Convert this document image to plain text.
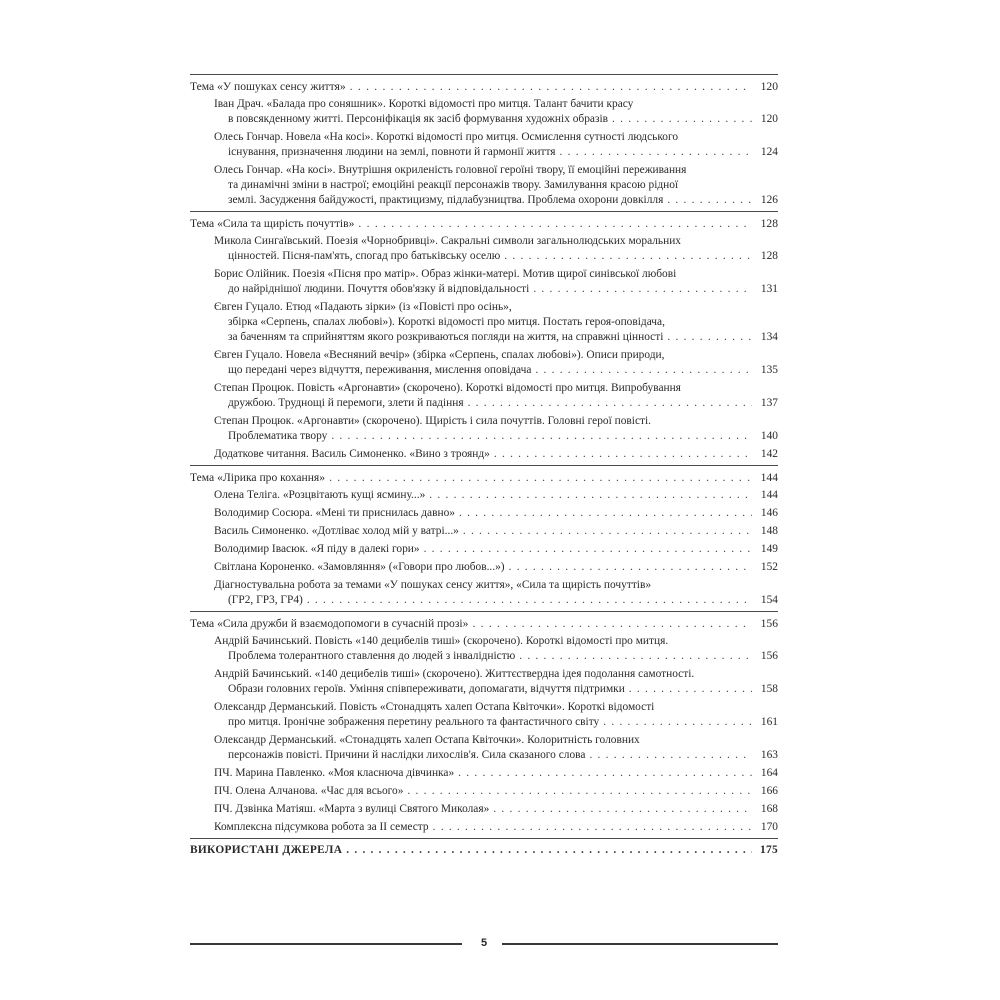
Тема «У пошуках сенсу життя» . . .	120
Іван Драч. «Балада про соняшник». Короткі відомості про митця. Талант бачити красу
в повсякденному житті. Персоніфікація як засіб формування художніх образів . . .	120
Олесь Гончар. Новела «На косі». Короткі відомості про митця. Осмислення сутності людського
існування, призначення людини на землі, повноти й гармонії життя . . .	124
Олесь Гончар. «На косі». Внутрішня окриленість головної героїні твору, її емоційні переживання
та динамічні зміни в настрої; емоційні реакції персонажів твору. Замилування красою рідної
землі. Засудження байдужості, практицизму, підлабузництва. Проблема охорони довкілля . . .	126
Тема «Сила та щирість почуттів» . . .	128
Микола Сингаївський. Поезія «Чорнобривці». Сакральні символи загальнолюдських моральних
цінностей. Пісня-пам'ять, спогад про батьківську оселю . . .	128
Борис Олійник. Поезія «Пісня про матір». Образ жінки-матері. Мотив щирої синівської любові
до найріднішої людини. Почуття обов'язку й відповідальності . . .	131
Євген Гуцало. Етюд «Падають зірки» (із «Повісті про осінь»,
збірка «Серпень, спалах любові»). Короткі відомості про митця. Постать героя-оповідача,
за баченням та сприйняттям якого розкриваються погляди на життя, на справжні цінності . . .	134
Євген Гуцало. Новела «Весняний вечір» (збірка «Серпень, спалах любові»). Описи природи,
що передані через відчуття, переживання, мислення оповідача . . .	135
Степан Процюк. Повість «Аргонавти» (скорочено). Короткі відомості про митця. Випробування
дружбою. Труднощі й перемоги, злети й падіння . . .	137
Степан Процюк. «Аргонавти» (скорочено). Щирість і сила почуттів. Головні герої повісті.
Проблематика твору . . .	140
Додаткове читання. Василь Симоненко. «Вино з троянд» . . .	142
Тема «Лірика про кохання» . . .	144
Олена Теліга. «Розцвітають кущі ясмину...» . . .	144
Володимир Сосюра. «Мені ти приснилась давно» . . .	146
Василь Симоненко. «Дотліває холод мій у ватрі...» . . .	148
Володимир Івасюк. «Я піду в далекі гори» . . .	149
Світлана Короненко. «Замовляння» («Говори про любов...») . . .	152
Діагностувальна робота за темами «У пошуках сенсу життя», «Сила та щирість почуттів»
(ГР2, ГР3, ГР4) . . .	154
Тема «Сила дружби й взаємодопомоги в сучасній прозі» . . .	156
Андрій Бачинський. Повість «140 децибелів тиші» (скорочено). Короткі відомості про митця.
Проблема толерантного ставлення до людей з інвалідністю . . .	156
Андрій Бачинський. «140 децибелів тиші» (скорочено). Життєствердна ідея подолання самотності.
Образи головних героїв. Уміння співпереживати, допомагати, відчуття підтримки . . .	158
Олександр Дерманський. Повість «Стонадцять халеп Остапа Квіточки». Короткі відомості
про митця. Іронічне зображення перетину реального та фантастичного світу . . .	161
Олександр Дерманський. «Стонадцять халеп Остапа Квіточки». Колоритність головних
персонажів повісті. Причини й наслідки лихослів'я. Сила сказаного слова . . .	163
ПЧ. Марина Павленко. «Моя класнюча дівчинка» . . .	164
ПЧ. Олена Алчанова. «Час для всього» . . .	166
ПЧ. Дзвінка Матіяш. «Марта з вулиці Святого Миколая» . . .	168
Комплексна підсумкова робота за ІІ семестр . . .	170
ВИКОРИСТАНІ ДЖЕРЕЛА . . .	175
5
